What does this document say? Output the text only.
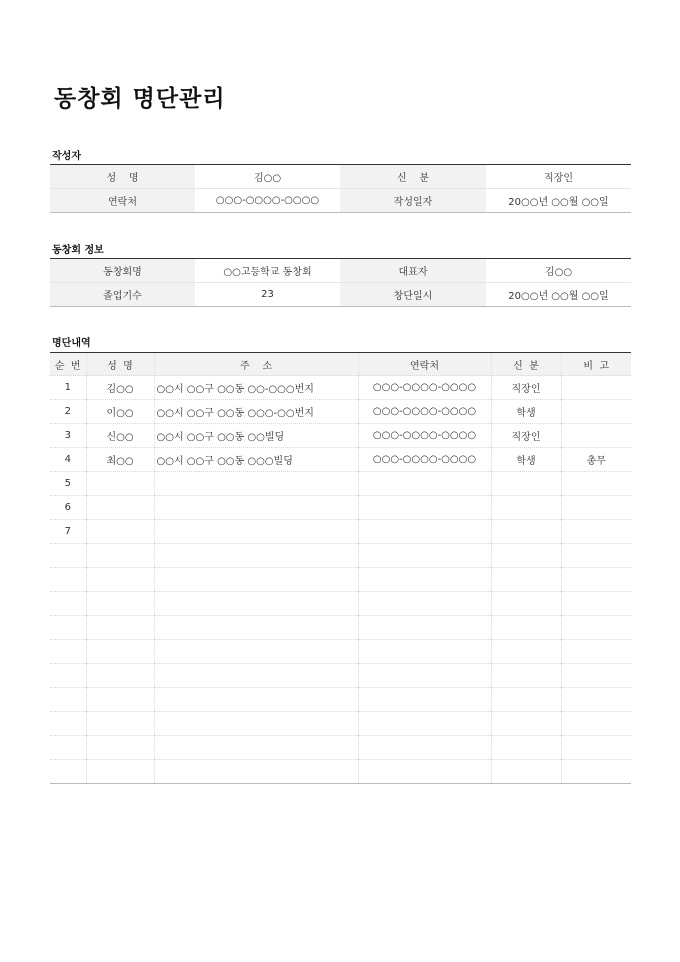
동창회 명단관리
작성자
성    명	김○○	신    분	직장인
연락처	○○○-○○○○-○○○○	작성일자	20○○년 ○○월 ○○일
동창회 정보
동창회명	○○고등학교 동창회	대표자	김○○
졸업기수	23	창단일시	20○○년 ○○월 ○○일
명단내역
순  번	성  명	주    소	연락처	신  분	비  고
1	김○○	○○시 ○○구 ○○동 ○○-○○○번지	○○○-○○○○-○○○○	직장인	
2	이○○	○○시 ○○구 ○○동 ○○○-○○번지	○○○-○○○○-○○○○	학생	
3	신○○	○○시 ○○구 ○○동 ○○빌딩	○○○-○○○○-○○○○	직장인	
4	최○○	○○시 ○○구 ○○동 ○○○빌딩	○○○-○○○○-○○○○	학생	총무
5					
6					
7					
